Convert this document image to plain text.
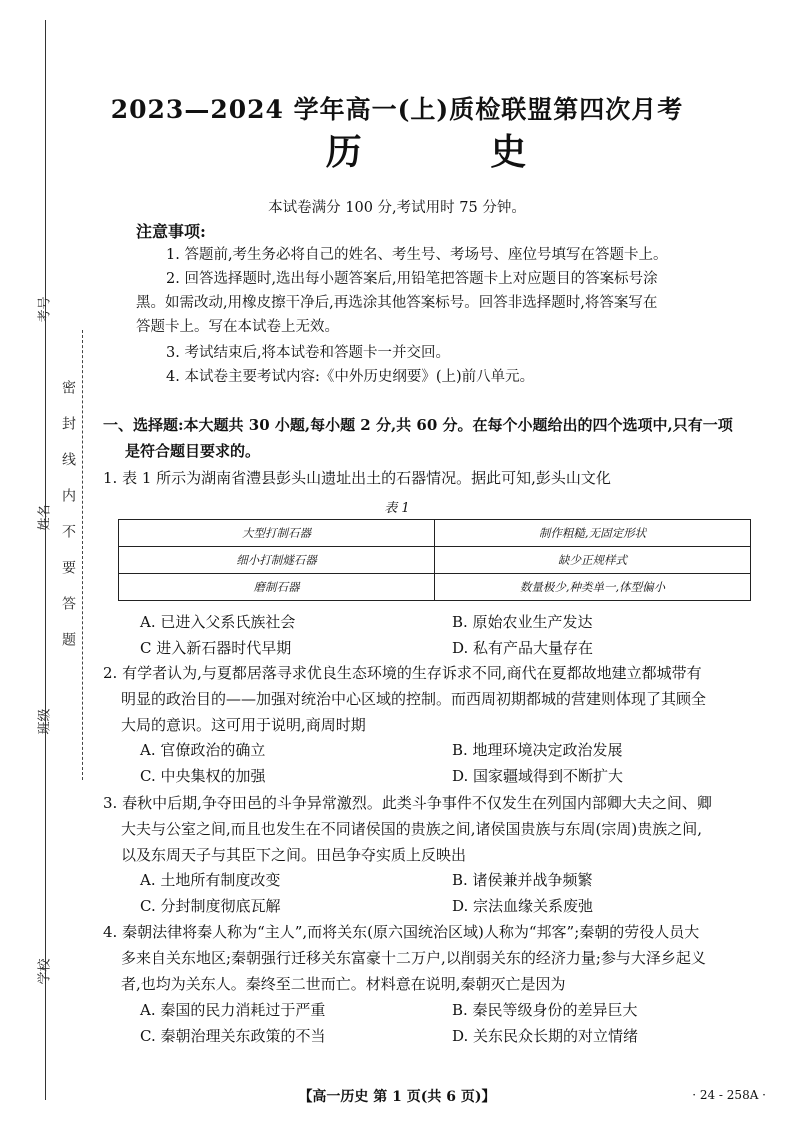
考号
姓名
班级
学校
密封线内不要答题
2023—2024 学年高一(上)质检联盟第四次月考
历 史
本试卷满分 100 分,考试用时 75 分钟。
注意事项:
1. 答题前,考生务必将自己的姓名、考生号、考场号、座位号填写在答题卡上。
2. 回答选择题时,选出每小题答案后,用铅笔把答题卡上对应题目的答案标号涂
黑。如需改动,用橡皮擦干净后,再选涂其他答案标号。回答非选择题时,将答案写在
答题卡上。写在本试卷上无效。
3. 考试结束后,将本试卷和答题卡一并交回。
4. 本试卷主要考试内容:《中外历史纲要》(上)前八单元。
一、选择题:本大题共 30 小题,每小题 2 分,共 60 分。在每个小题给出的四个选项中,只有一项
是符合题目要求的。
1. 表 1 所示为湖南省澧县彭头山遗址出土的石器情况。据此可知,彭头山文化
表 1
大型打制石器	制作粗糙,无固定形状
细小打制燧石器	缺少正规样式
磨制石器	数量极少,种类单一,体型偏小
A. 已进入父系氏族社会	B. 原始农业生产发达
C 进入新石器时代早期	D. 私有产品大量存在
2. 有学者认为,与夏都居落寻求优良生态环境的生存诉求不同,商代在夏都故地建立都城带有
明显的政治目的——加强对统治中心区域的控制。而西周初期都城的营建则体现了其顾全
大局的意识。这可用于说明,商周时期
A. 官僚政治的确立	B. 地理环境决定政治发展
C. 中央集权的加强	D. 国家疆域得到不断扩大
3. 春秋中后期,争夺田邑的斗争异常激烈。此类斗争事件不仅发生在列国内部卿大夫之间、卿
大夫与公室之间,而且也发生在不同诸侯国的贵族之间,诸侯国贵族与东周(宗周)贵族之间,
以及东周天子与其臣下之间。田邑争夺实质上反映出
A. 土地所有制度改变	B. 诸侯兼并战争频繁
C. 分封制度彻底瓦解	D. 宗法血缘关系废弛
4. 秦朝法律将秦人称为“主人”,而将关东(原六国统治区域)人称为“邦客”;秦朝的劳役人员大
多来自关东地区;秦朝强行迁移关东富豪十二万户,以削弱关东的经济力量;参与大泽乡起义
者,也均为关东人。秦终至二世而亡。材料意在说明,秦朝灭亡是因为
A. 秦国的民力消耗过于严重	B. 秦民等级身份的差异巨大
C. 秦朝治理关东政策的不当	D. 关东民众长期的对立情绪
【高一历史 第 1 页(共 6 页)】	· 24 - 258A ·
